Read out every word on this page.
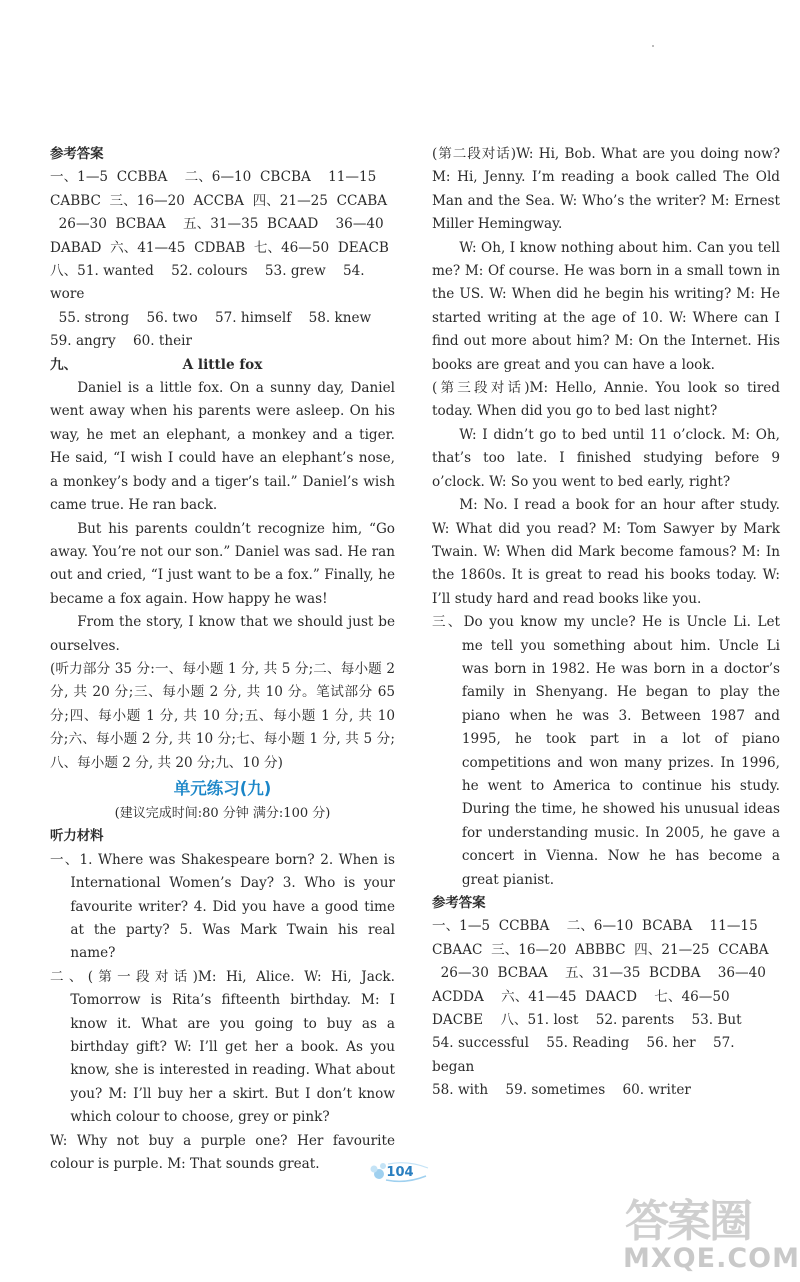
参考答案

一、1—5  CCBBA    二、6—10  CBCBA    11—15
CABBC  三、16—20  ACCBA  四、21—25  CCABA
26—30  BCBAA    五、31—35  BCAAD    36—40
DABAD  六、41—45  CDBAB  七、46—50  DEACB
八、51. wanted    52. colours    53. grew    54. wore
55. strong    56. two    57. himself    58. knew
59. angry    60. their

九、	A little fox

Daniel is a little fox. On a sunny day, Daniel went away when his parents were asleep. On his way, he met an elephant, a monkey and a tiger. He said, “I wish I could have an elephant’s nose, a monkey’s body and a tiger’s tail.” Daniel’s wish came true. He ran back.

But his parents couldn’t recognize him, “Go away. You’re not our son.” Daniel was sad. He ran out and cried, “I just want to be a fox.” Finally, he became a fox again. How happy he was!

From the story, I know that we should just be ourselves.

(听力部分 35 分:一、每小题 1 分, 共 5 分;二、每小题 2 分, 共 20 分;三、每小题 2 分, 共 10 分。笔试部分 65 分;四、每小题 1 分, 共 10 分;五、每小题 1 分, 共 10 分;六、每小题 2 分, 共 10 分;七、每小题 1 分, 共 5 分;八、每小题 2 分, 共 20 分;九、10 分)

单元练习(九)

(建议完成时间:80 分钟 满分:100 分)

听力材料

一、1. Where was Shakespeare born? 2. When is International Women’s Day? 3. Who is your favourite writer? 4. Did you have a good time at the party? 5. Was Mark Twain his real name?

二、(第一段对话)M: Hi, Alice. W: Hi, Jack. Tomorrow is Rita’s fifteenth birthday. M: I know it. What are you going to buy as a birthday gift? W: I’ll get her a book. As you know, she is interested in reading. What about you? M: I’ll buy her a skirt. But I don’t know which colour to choose, grey or pink?

W: Why not buy a purple one? Her favourite colour is purple. M: That sounds great.

(第二段对话)W: Hi, Bob. What are you doing now? M: Hi, Jenny. I’m reading a book called The Old Man and the Sea. W: Who’s the writer? M: Ernest Miller Hemingway.

W: Oh, I know nothing about him. Can you tell me? M: Of course. He was born in a small town in the US. W: When did he begin his writing? M: He started writing at the age of 10. W: Where can I find out more about him? M: On the Internet. His books are great and you can have a look.

(第三段对话)M: Hello, Annie. You look so tired today. When did you go to bed last night?

W: I didn’t go to bed until 11 o’clock. M: Oh, that’s too late. I finished studying before 9 o’clock. W: So you went to bed early, right?

M: No. I read a book for an hour after study. W: What did you read? M: Tom Sawyer by Mark Twain. W: When did Mark become famous? M: In the 1860s. It is great to read his books today. W: I’ll study hard and read books like you.

三、Do you know my uncle? He is Uncle Li. Let me tell you something about him. Uncle Li was born in 1982. He was born in a doctor’s family in Shenyang. He began to play the piano when he was 3. Between 1987 and 1995, he took part in a lot of piano competitions and won many prizes. In 1996, he went to America to continue his study. During the time, he showed his unusual ideas for understanding music. In 2005, he gave a concert in Vienna. Now he has become a great pianist.

参考答案

一、1—5  CCBBA    二、6—10  BCABA    11—15
CBAAC  三、16—20  ABBBC  四、21—25  CCABA
26—30  BCBAA    五、31—35  BCDBA    36—40
ACDDA    六、41—45  DAACD    七、46—50
DACBE    八、51. lost    52. parents    53. But
54. successful    55. Reading    56. her    57. began
58. with    59. sometimes    60. writer

104
答案圈
MXQE.COM
